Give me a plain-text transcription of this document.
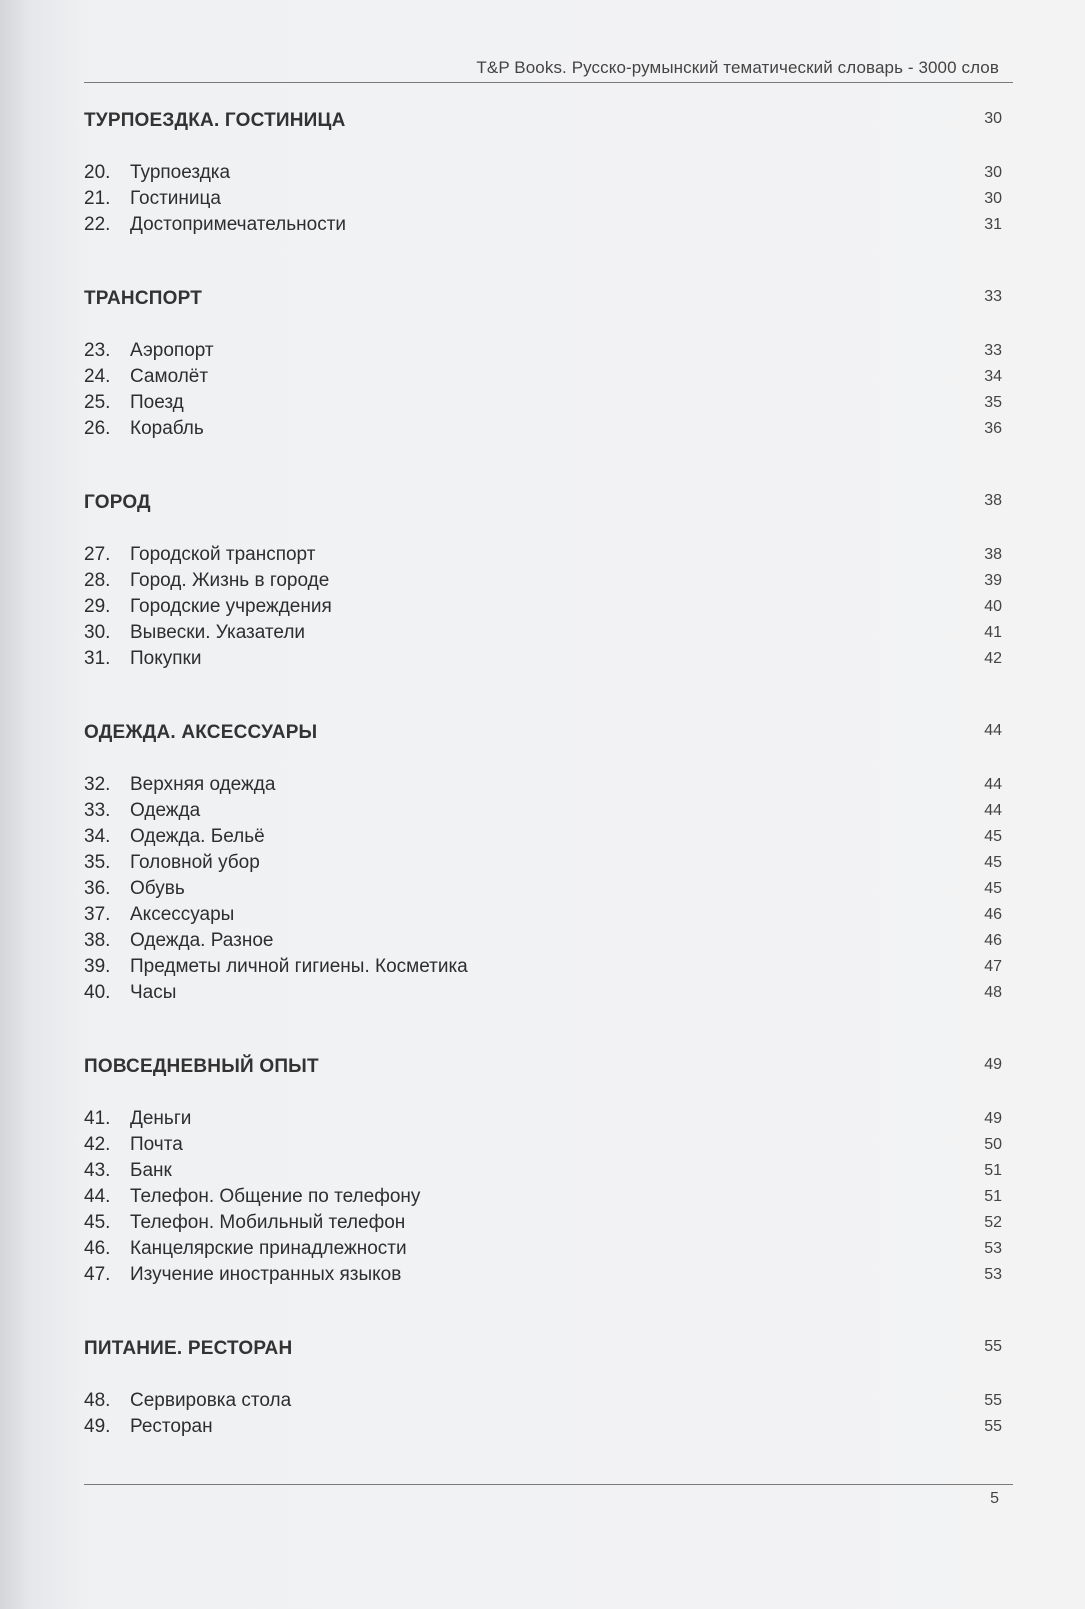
T&P Books. Русско-румынский тематический словарь - 3000 слов
ТУРПОЕЗДКА. ГОСТИНИЦА	30
20.	Турпоездка	30
21.	Гостиница	30
22.	Достопримечательности	31
ТРАНСПОРТ	33
23.	Аэропорт	33
24.	Самолёт	34
25.	Поезд	35
26.	Корабль	36
ГОРОД	38
27.	Городской транспорт	38
28.	Город. Жизнь в городе	39
29.	Городские учреждения	40
30.	Вывески. Указатели	41
31.	Покупки	42
ОДЕЖДА. АКСЕССУАРЫ	44
32.	Верхняя одежда	44
33.	Одежда	44
34.	Одежда. Бельё	45
35.	Головной убор	45
36.	Обувь	45
37.	Аксессуары	46
38.	Одежда. Разное	46
39.	Предметы личной гигиены. Косметика	47
40.	Часы	48
ПОВСЕДНЕВНЫЙ ОПЫТ	49
41.	Деньги	49
42.	Почта	50
43.	Банк	51
44.	Телефон. Общение по телефону	51
45.	Телефон. Мобильный телефон	52
46.	Канцелярские принадлежности	53
47.	Изучение иностранных языков	53
ПИТАНИЕ. РЕСТОРАН	55
48.	Сервировка стола	55
49.	Ресторан	55
5
